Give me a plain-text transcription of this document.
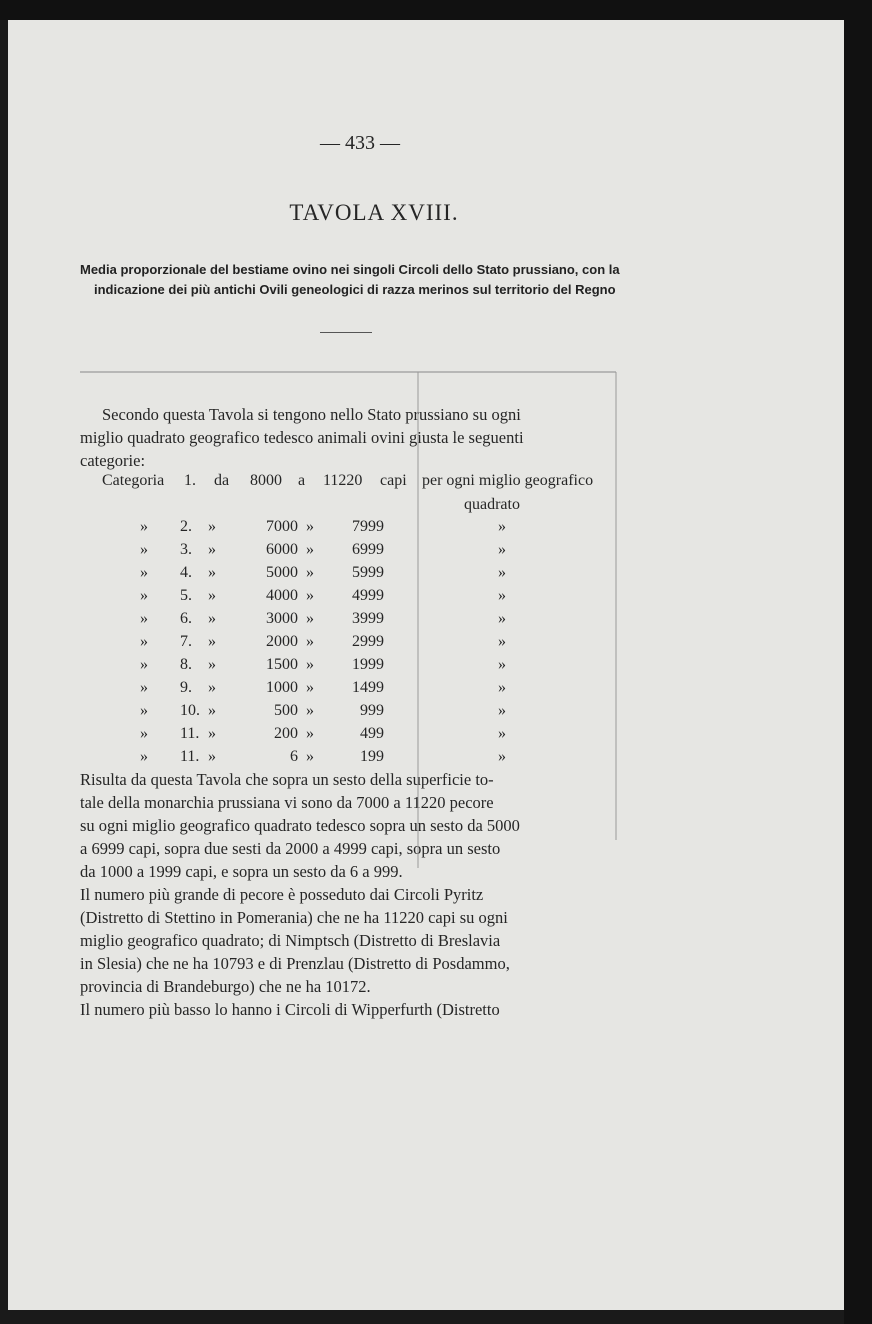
— 433 —
TAVOLA XVIII.
Media proporzionale del bestiame ovino nei singoli Circoli dello Stato prussiano, con la
indicazione dei più antichi Ovili geneologici di razza merinos sul territorio del Regno
Secondo questa Tavola si tengono nello Stato prussiano su ogni
miglio quadrato geografico tedesco animali ovini giusta le seguenti
categorie:
Categoria 1.	da 8000 a 11220 capi per ogni miglio geografico
quadrato
» 2.	»	7000 »	7999	»
» 3.	»	6000 »	6999	»
» 4.	»	5000 »	5999	»
» 5.	»	4000 »	4999	»
» 6.	»	3000 »	3999	»
» 7.	»	2000 »	2999	»
» 8.	»	1500 »	1999	»
» 9.	»	1000 »	1499	»
» 10. »	500 »	999	»
» 11. »	200 »	499	»
» 11. »	6 »	199	»
Risulta da questa Tavola che sopra un sesto della superficie to-
tale della monarchia prussiana vi sono da 7000 a 11220 pecore
su ogni miglio geografico quadrato tedesco sopra un sesto da 5000
a 6999 capi, sopra due sesti da 2000 a 4999 capi, sopra un sesto
da 1000 a 1999 capi, e sopra un sesto da 6 a 999.
Il numero più grande di pecore è posseduto dai Circoli Pyritz
(Distretto di Stettino in Pomerania) che ne ha 11220 capi su ogni
miglio geografico quadrato; di Nimptsch (Distretto di Breslavia
in Slesia) che ne ha 10793 e di Prenzlau (Distretto di Posdammo,
provincia di Brandeburgo) che ne ha 10172.
Il numero più basso lo hanno i Circoli di Wipperfurth (Distretto
